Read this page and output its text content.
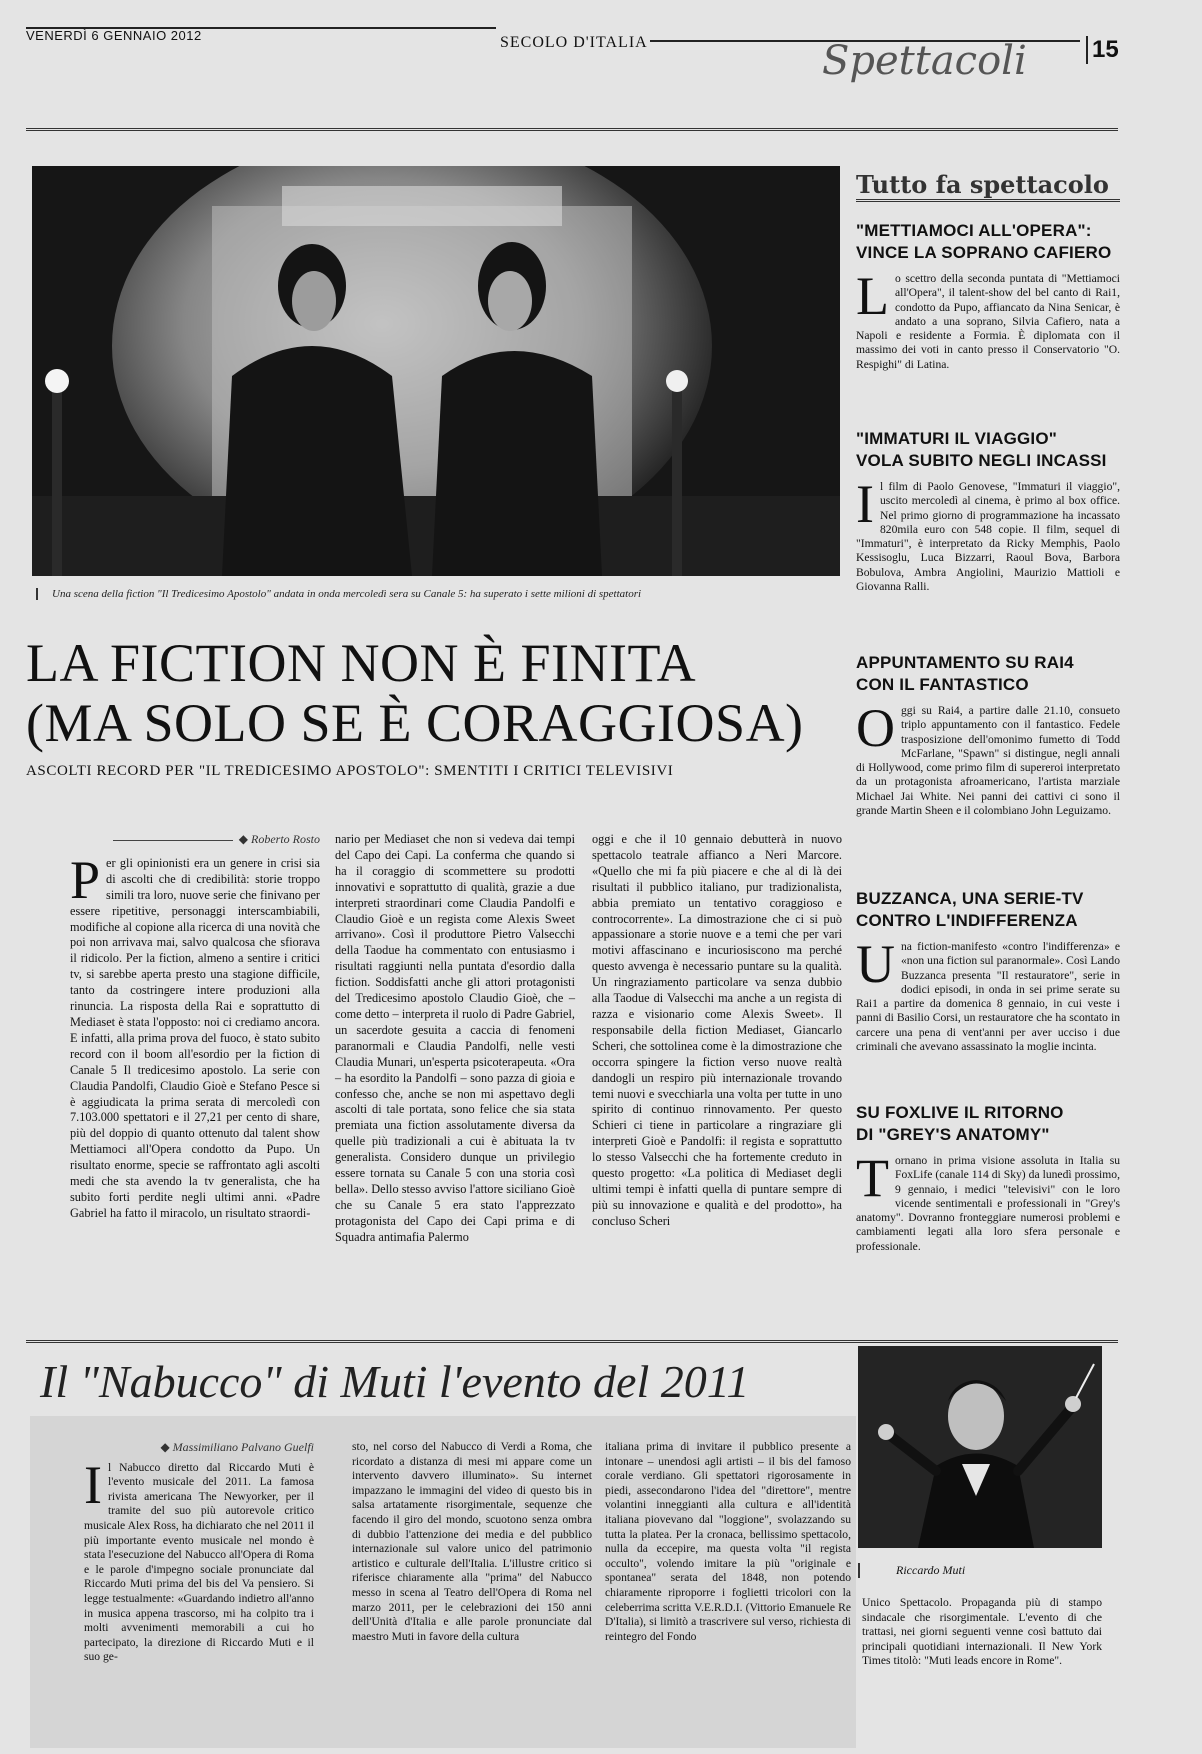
VENERDÌ 6 GENNAIO 2012	SECOLO D'ITALIA	Spettacoli	15
Una scena della fiction "Il Tredicesimo Apostolo" andata in onda mercoledì sera su Canale 5: ha superato i sette milioni di spettatori
LA FICTION NON È FINITA
(MA SOLO SE È CORAGGIOSA)
ASCOLTI RECORD PER "IL TREDICESIMO APOSTOLO": SMENTITI I CRITICI TELEVISIVI
◆ Roberto Rosto

Per gli opinionisti era un genere in crisi sia di ascolti che di credibilità: storie troppo simili tra loro, nuove serie che finivano per essere ripetitive, personaggi interscambiabili, modifiche al copione alla ricerca di una novità che poi non arrivava mai, salvo qualcosa che sfiorava il ridicolo. Per la fiction, almeno a sentire i critici tv, si sarebbe aperta presto una stagione difficile, tanto da costringere intere produzioni alla rinuncia. La risposta della Rai e soprattutto di Mediaset è stata l'opposto: noi ci crediamo ancora. E infatti, alla prima prova del fuoco, è stato subito record con il boom all'esordio per la fiction di Canale 5 Il tredicesimo apostolo. La serie con Claudia Pandolfi, Claudio Gioè e Stefano Pesce si è aggiudicata la prima serata di mercoledì con 7.103.000 spettatori e il 27,21 per cento di share, più del doppio di quanto ottenuto dal talent show Mettiamoci all'Opera condotto da Pupo. Un risultato enorme, specie se raffrontato agli ascolti medi che sta avendo la tv generalista, che ha subito forti perdite negli ultimi anni. «Padre Gabriel ha fatto il miracolo, un risultato straordi-

nario per Mediaset che non si vedeva dai tempi del Capo dei Capi. La conferma che quando si ha il coraggio di scommettere su prodotti innovativi e soprattutto di qualità, grazie a due interpreti straordinari come Claudia Pandolfi e Claudio Gioè e un regista come Alexis Sweet arrivano». Così il produttore Pietro Valsecchi della Taodue ha commentato con entusiasmo i risultati raggiunti nella puntata d'esordio dalla fiction. Soddisfatti anche gli attori protagonisti del Tredicesimo apostolo Claudio Gioè, che – come detto – interpreta il ruolo di Padre Gabriel, un sacerdote gesuita a caccia di fenomeni paranormali e Claudia Pandolfi, nelle vesti Claudia Munari, un'esperta psicoterapeuta. «Ora – ha esordito la Pandolfi – sono pazza di gioia e confesso che, anche se non mi aspettavo degli ascolti di tale portata, sono felice che sia stata premiata una fiction assolutamente diversa da quelle più tradizionali a cui è abituata la tv generalista. Considero dunque un privilegio essere tornata su Canale 5 con una storia così bella». Dello stesso avviso l'attore siciliano Gioè che su Canale 5 era stato l'apprezzato protagonista del Capo dei Capi prima e di Squadra antimafia Palermo

oggi e che il 10 gennaio debutterà in nuovo spettacolo teatrale affianco a Neri Marcore. «Quello che mi fa più piacere e che al di là dei risultati il pubblico italiano, pur tradizionalista, abbia premiato un tentativo coraggioso e controcorrente». La dimostrazione che ci si può appassionare a storie nuove e a temi che per vari motivi affascinano e incuriosiscono ma perché questo avvenga è necessario puntare su la qualità. Un ringraziamento particolare va senza dubbio alla Taodue di Valsecchi ma anche a un regista di razza e visionario come Alexis Sweet». Il responsabile della fiction Mediaset, Giancarlo Scheri, che sottolinea come è la dimostrazione che occorra spingere la fiction verso nuove realtà dandogli un respiro più internazionale trovando temi nuovi e svecchiarla una volta per tutte in uno spirito di continuo rinnovamento. Per questo Schieri ci tiene in particolare a ringraziare gli interpreti Gioè e Pandolfi: il regista e soprattutto lo stesso Valsecchi che ha fortemente creduto in questo progetto: «La politica di Mediaset degli ultimi tempi è infatti quella di puntare sempre di più su innovazione e qualità e del prodotto», ha concluso Scheri

Tutto fa spettacolo
"METTIAMOCI ALL'OPERA":
VINCE LA SOPRANO CAFIERO

Lo scettro della seconda puntata di "Mettiamoci all'Opera", il talent-show del bel canto di Rai1, condotto da Pupo, affiancato da Nina Senicar, è andato a una soprano, Silvia Cafiero, nata a Napoli e residente a Formia. È diplomata con il massimo dei voti in canto presso il Conservatorio "O. Respighi" di Latina.

"IMMATURI IL VIAGGIO"
VOLA SUBITO NEGLI INCASSI

Il film di Paolo Genovese, "Immaturi il viaggio", uscito mercoledì al cinema, è primo al box office. Nel primo giorno di programmazione ha incassato 820mila euro con 548 copie. Il film, sequel di "Immaturi", è interpretato da Ricky Memphis, Paolo Kessisoglu, Luca Bizzarri, Raoul Bova, Barbora Bobulova, Ambra Angiolini, Maurizio Mattioli e Giovanna Ralli.

APPUNTAMENTO SU RAI4
CON IL FANTASTICO

Oggi su Rai4, a partire dalle 21.10, consueto triplo appuntamento con il fantastico. Fedele trasposizione dell'omonimo fumetto di Todd McFarlane, "Spawn" si distingue, negli annali di Hollywood, come primo film di supereroi interpretato da un protagonista afroamericano, l'artista marziale Michael Jai White. Nei panni dei cattivi ci sono il grande Martin Sheen e il colombiano John Leguizamo.

BUZZANCA, UNA SERIE-TV
CONTRO L'INDIFFERENZA

Una fiction-manifesto «contro l'indifferenza» e «non una fiction sul paranormale». Così Lando Buzzanca presenta "Il restauratore", serie in dodici episodi, in onda in sei prime serate su Rai1 a partire da domenica 8 gennaio, in cui veste i panni di Basilio Corsi, un restauratore che ha scontato in carcere una pena di vent'anni per aver ucciso i due criminali che avevano assassinato la moglie incinta.

SU FOXLIVE IL RITORNO
DI "GREY'S ANATOMY"

Tornano in prima visione assoluta in Italia su FoxLife (canale 114 di Sky) da lunedì prossimo, 9 gennaio, i medici "televisivi" con le loro vicende sentimentali e professionali in "Grey's anatomy". Dovranno fronteggiare numerosi problemi e cambiamenti legati alla loro sfera personale e professionale.

Il "Nabucco" di Muti l'evento del 2011
◆ Massimiliano Palvano Guelfi

Il Nabucco diretto dal Riccardo Muti è l'evento musicale del 2011. La famosa rivista americana The Newyorker, per il tramite del suo più autorevole critico musicale Alex Ross, ha dichiarato che nel 2011 il più importante evento musicale nel mondo è stata l'esecuzione del Nabucco all'Opera di Roma e le parole d'impegno sociale pronunciate dal Riccardo Muti prima del bis del Va pensiero. Si legge testualmente: «Guardando indietro all'anno in musica appena trascorso, mi ha colpito tra i molti avvenimenti memorabili a cui ho partecipato, la direzione di Riccardo Muti e il suo ge-

sto, nel corso del Nabucco di Verdi a Roma, che ricordato a distanza di mesi mi appare come un intervento davvero illuminato». Su internet impazzano le immagini del video di questo bis in salsa artatamente risorgimentale, sequenze che facendo il giro del mondo, scuotono senza ombra di dubbio l'attenzione dei media e del pubblico internazionale sul valore unico del patrimonio artistico e culturale dell'Italia. L'illustre critico si riferisce chiaramente alla "prima" del Nabucco messo in scena al Teatro dell'Opera di Roma nel marzo 2011, per le celebrazioni dei 150 anni dell'Unità d'Italia e alle parole pronunciate dal maestro Muti in favore della cultura

italiana prima di invitare il pubblico presente a intonare – unendosi agli artisti – il bis del famoso corale verdiano. Gli spettatori rigorosamente in piedi, assecondarono l'idea del "direttore", mentre volantini inneggianti alla cultura e all'identità italiana piovevano dal "loggione", svolazzando su tutta la platea. Per la cronaca, bellissimo spettacolo, nulla da eccepire, ma questa volta "il regista occulto", volendo imitare la più "originale e spontanea" serata del 1848, non potendo chiaramente riproporre i foglietti tricolori con la celeberrima scritta V.E.R.D.I. (Vittorio Emanuele Re D'Italia), si limitò a trascrivere sul verso, richiesta di reintegro del Fondo

Riccardo Muti

Unico Spettacolo. Propaganda più di stampo sindacale che risorgimentale. L'evento di che trattasi, nei giorni seguenti venne così battuto dai principali quotidiani internazionali. Il New York Times titolò: "Muti leads encore in Rome".
